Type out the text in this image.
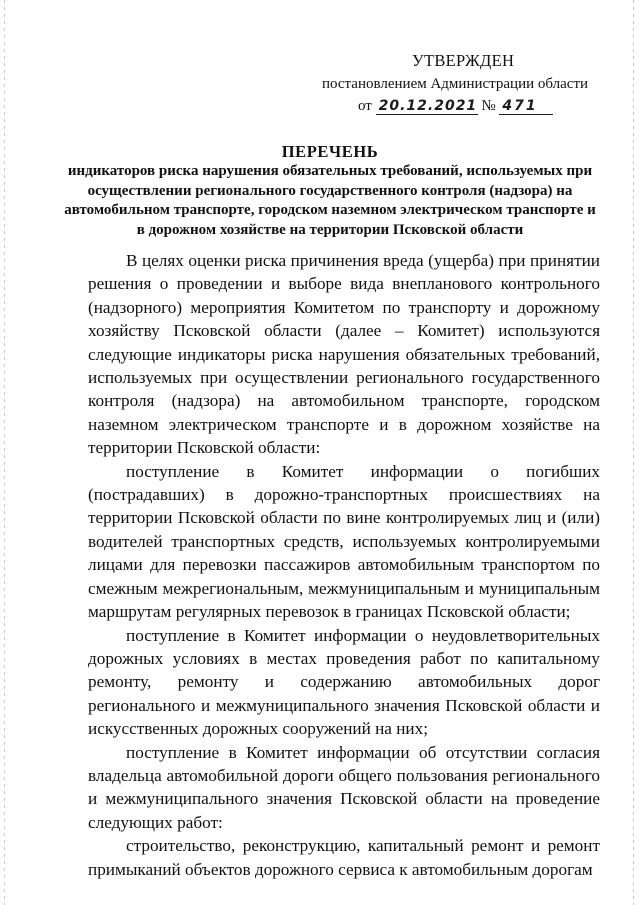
УТВЕРЖДЕН
постановлением Администрации области
от 20.12.2021 № 471
ПЕРЕЧЕНЬ
индикаторов риска нарушения обязательных требований, используемых при осуществлении регионального государственного контроля (надзора) на автомобильном транспорте, городском наземном электрическом транспорте и в дорожном хозяйстве на территории Псковской области

В целях оценки риска причинения вреда (ущерба) при принятии решения о проведении и выборе вида внепланового контрольного (надзорного) мероприятия Комитетом по транспорту и дорожному хозяйству Псковской области (далее – Комитет) используются следующие индикаторы риска нарушения обязательных требований, используемых при осуществлении регионального государственного контроля (надзора) на автомобильном транспорте, городском наземном электрическом транспорте и в дорожном хозяйстве на территории Псковской области:

поступление в Комитет информации о погибших (пострадавших) в дорожно-транспортных происшествиях на территории Псковской области по вине контролируемых лиц и (или) водителей транспортных средств, используемых контролируемыми лицами для перевозки пассажиров автомобильным транспортом по смежным межрегиональным, межмуниципальным и муниципальным маршрутам регулярных перевозок в границах Псковской области;

поступление в Комитет информации о неудовлетворительных дорожных условиях в местах проведения работ по капитальному ремонту, ремонту и содержанию автомобильных дорог регионального и межмуниципального значения Псковской области и искусственных дорожных сооружений на них;

поступление в Комитет информации об отсутствии согласия владельца автомобильной дороги общего пользования регионального и межмуниципального значения Псковской области на проведение следующих работ:

строительство, реконструкцию, капитальный ремонт и ремонт примыканий объектов дорожного сервиса к автомобильным дорогам
